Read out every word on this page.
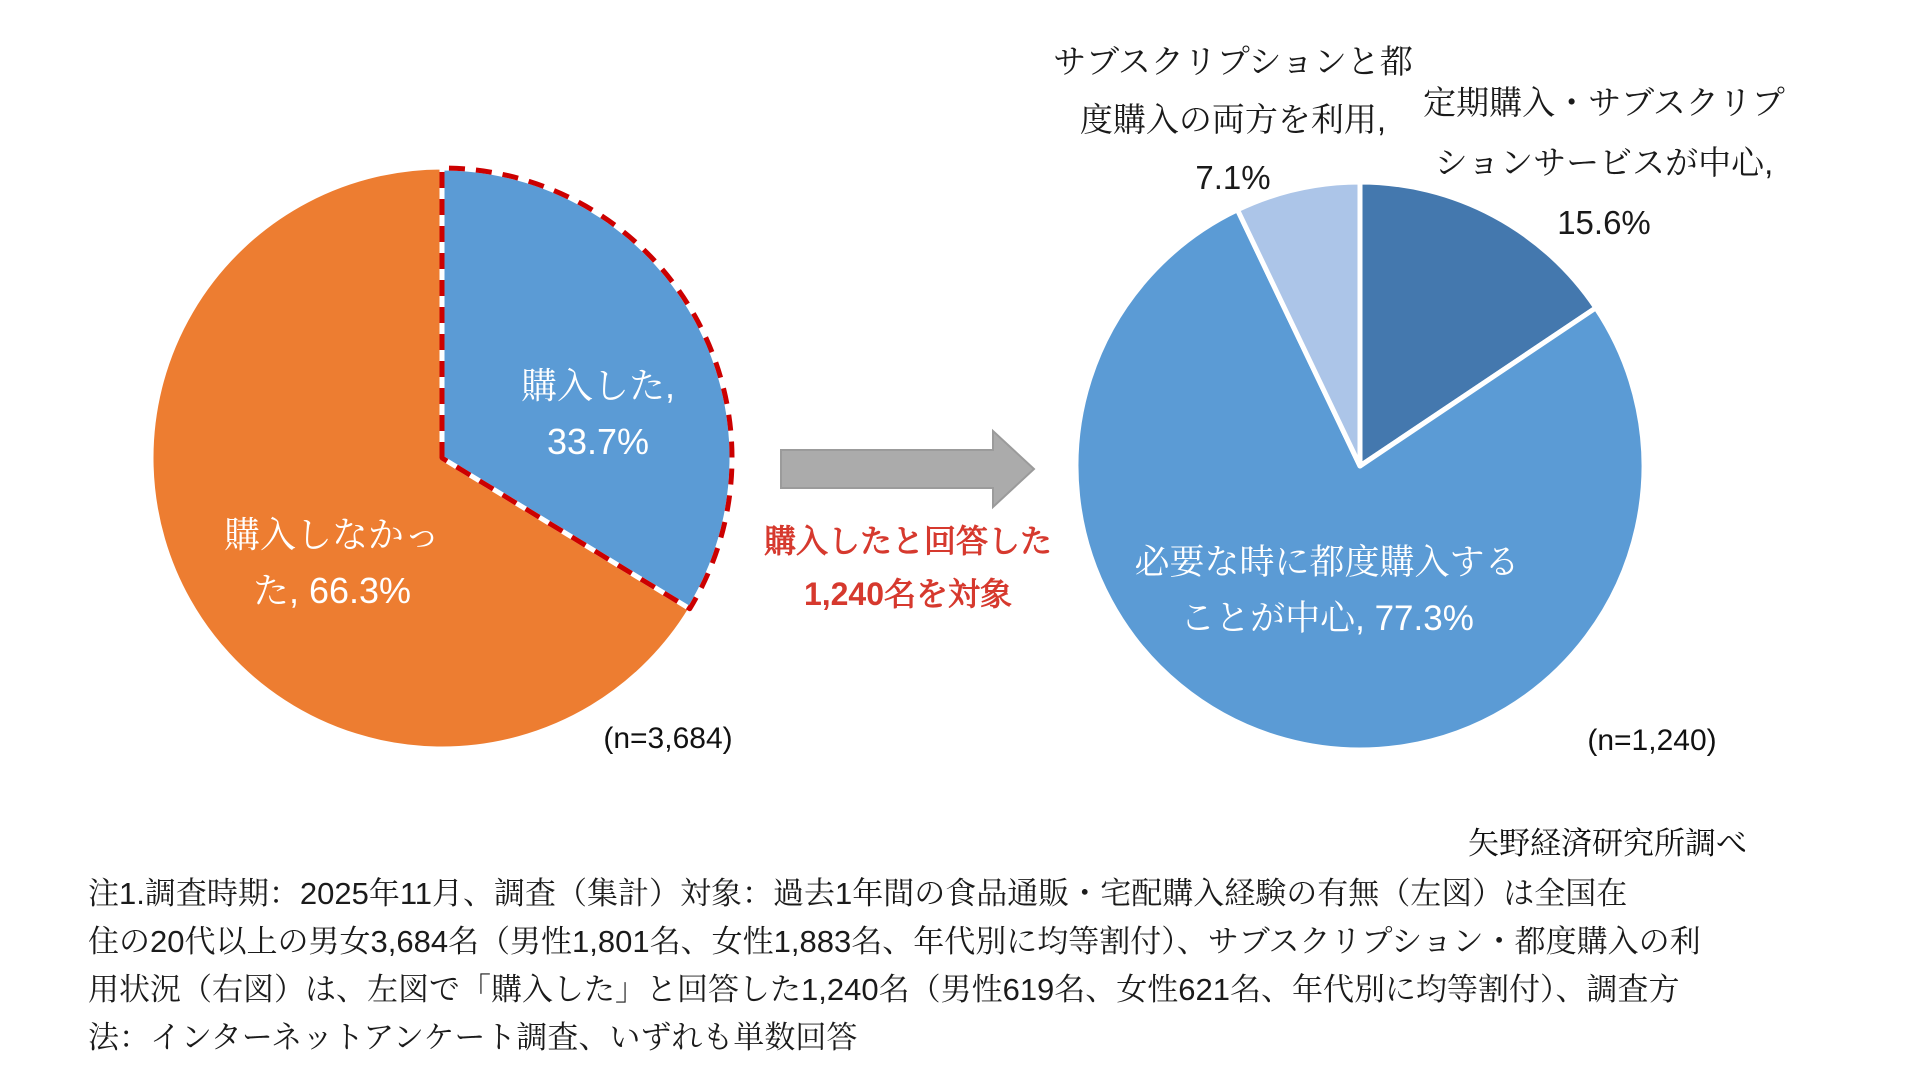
購入した,
33.7%
購入しなかっ
た, 66.3%
(n=3,684)
購入したと回答した
1,240名を対象
サブスクリプションと都
度購入の両方を利用,
7.1%
定期購入・サブスクリプ
ションサービスが中心,
15.6%
必要な時に都度購入する
ことが中心, 77.3%
(n=1,240)
矢野経済研究所調べ
注1.調査時期：2025年11月、調査（集計）対象：過去1年間の食品通販・宅配購入経験の有無（左図）は全国在
住の20代以上の男女3,684名（男性1,801名、女性1,883名、年代別に均等割付）、サブスクリプション・都度購入の利
用状況（右図）は、左図で「購入した」と回答した1,240名（男性619名、女性621名、年代別に均等割付）、調査方
法：インターネットアンケート調査、いずれも単数回答
